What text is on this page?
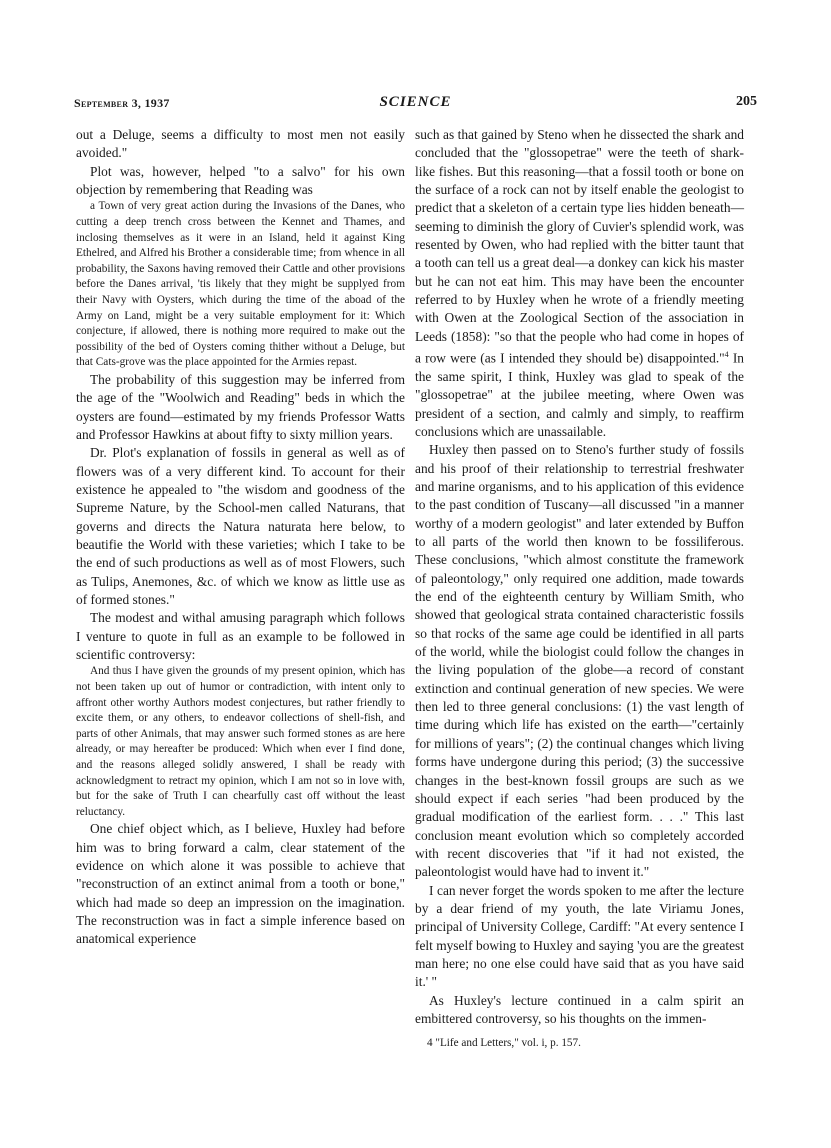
September 3, 1937	SCIENCE	205

out a Deluge, seems a difficulty to most men not easily avoided."

Plot was, however, helped "to a salvo" for his own objection by remembering that Reading was

a Town of very great action during the Invasions of the Danes, who cutting a deep trench cross between the Kennet and Thames, and inclosing themselves as it were in an Island, held it against King Ethelred, and Alfred his Brother a considerable time; from whence in all probability, the Saxons having removed their Cattle and other provisions before the Danes arrival, 'tis likely that they might be supplyed from their Navy with Oysters, which during the time of the aboad of the Army on Land, might be a very suitable employment for it: Which conjecture, if allowed, there is nothing more required to make out the possibility of the bed of Oysters coming thither without a Deluge, but that Cats-grove was the place appointed for the Armies repast.

The probability of this suggestion may be inferred from the age of the "Woolwich and Reading" beds in which the oysters are found—estimated by my friends Professor Watts and Professor Hawkins at about fifty to sixty million years.

Dr. Plot's explanation of fossils in general as well as of flowers was of a very different kind. To account for their existence he appealed to "the wisdom and goodness of the Supreme Nature, by the School-men called Naturans, that governs and directs the Natura naturata here below, to beautifie the World with these varieties; which I take to be the end of such productions as well as of most Flowers, such as Tulips, Anemones, &c. of which we know as little use as of formed stones."

The modest and withal amusing paragraph which follows I venture to quote in full as an example to be followed in scientific controversy:

And thus I have given the grounds of my present opinion, which has not been taken up out of humor or contradiction, with intent only to affront other worthy Authors modest conjectures, but rather friendly to excite them, or any others, to endeavor collections of shell-fish, and parts of other Animals, that may answer such formed stones as are here already, or may hereafter be produced: Which when ever I find done, and the reasons alleged solidly answered, I shall be ready with acknowledgment to retract my opinion, which I am not so in love with, but for the sake of Truth I can chearfully cast off without the least reluctancy.

One chief object which, as I believe, Huxley had before him was to bring forward a calm, clear statement of the evidence on which alone it was possible to achieve that "reconstruction of an extinct animal from a tooth or bone," which had made so deep an impression on the imagination. The reconstruction was in fact a simple inference based on anatomical experience

such as that gained by Steno when he dissected the shark and concluded that the "glossopetrae" were the teeth of shark-like fishes. But this reasoning—that a fossil tooth or bone on the surface of a rock can not by itself enable the geologist to predict that a skeleton of a certain type lies hidden beneath—seeming to diminish the glory of Cuvier's splendid work, was resented by Owen, who had replied with the bitter taunt that a tooth can tell us a great deal—a donkey can kick his master but he can not eat him. This may have been the encounter referred to by Huxley when he wrote of a friendly meeting with Owen at the Zoological Section of the association in Leeds (1858): "so that the people who had come in hopes of a row were (as I intended they should be) disappointed."$^4$ In the same spirit, I think, Huxley was glad to speak of the "glossopetrae" at the jubilee meeting, where Owen was president of a section, and calmly and simply, to reaffirm conclusions which are unassailable.

Huxley then passed on to Steno's further study of fossils and his proof of their relationship to terrestrial freshwater and marine organisms, and to his application of this evidence to the past condition of Tuscany—all discussed "in a manner worthy of a modern geologist" and later extended by Buffon to all parts of the world then known to be fossiliferous. These conclusions, "which almost constitute the framework of paleontology," only required one addition, made towards the end of the eighteenth century by William Smith, who showed that geological strata contained characteristic fossils so that rocks of the same age could be identified in all parts of the world, while the biologist could follow the changes in the living population of the globe—a record of constant extinction and continual generation of new species. We were then led to three general conclusions: (1) the vast length of time during which life has existed on the earth—"certainly for millions of years"; (2) the continual changes which living forms have undergone during this period; (3) the successive changes in the best-known fossil groups are such as we should expect if each series "had been produced by the gradual modification of the earliest form. . . ." This last conclusion meant evolution which so completely accorded with recent discoveries that "if it had not existed, the paleontologist would have had to invent it."

I can never forget the words spoken to me after the lecture by a dear friend of my youth, the late Viriamu Jones, principal of University College, Cardiff: "At every sentence I felt myself bowing to Huxley and saying 'you are the greatest man here; no one else could have said that as you have said it.' "

As Huxley's lecture continued in a calm spirit an embittered controversy, so his thoughts on the immen-

4 "Life and Letters," vol. i, p. 157.
